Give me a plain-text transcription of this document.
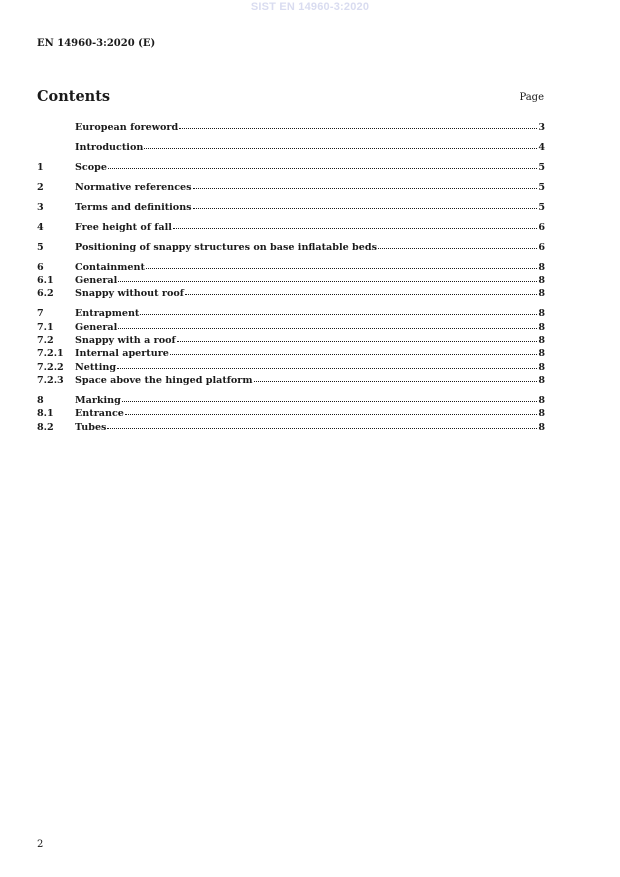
SIST EN 14960-3:2020
EN 14960-3:2020 (E)
Contents	Page
European foreword	3
Introduction	4
1	Scope	5
2	Normative references	5
3	Terms and definitions	5
4	Free height of fall	6
5	Positioning of snappy structures on base inflatable beds	6
6	Containment	8
6.1	General	8
6.2	Snappy without roof	8
7	Entrapment	8
7.1	General	8
7.2	Snappy with a roof	8
7.2.1	Internal aperture	8
7.2.2	Netting	8
7.2.3	Space above the hinged platform	8
8	Marking	8
8.1	Entrance	8
8.2	Tubes	8
2
